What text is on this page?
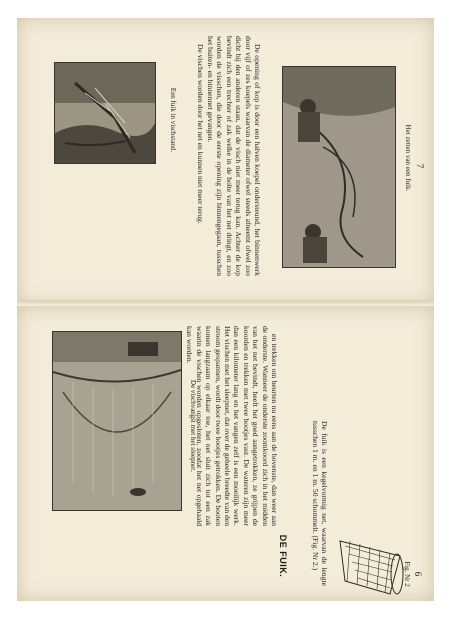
Een fuik in vischstand.	De opening of kop is door een halven koepel ondersteund, het binnenwerk door vijf of zes koepels waarvan de diameter ofwel steeds afneemt ofwel zoo dicht bij den anderen staan, dat de visch niet meer terug kan. Achter de kop bevindt zich een trechter of zak welke in de holte van het net dringt, en zoo worden de visschen, die door de eerste opening zijn binnengegaan, tusschen het buiten- en binnennet gevangen.

De vischen worden door het net en kunnen niet meer terug.	Het zetten van een fuik. 7
De vischvangst met het sleepnet.	en trekken om beurten nu eens aan de bovenste, dan weer aan de onderste. Wanneer de onderste zoomkoord zich in het midden van het net bevindt, heeft het goed aangetrokken, ze grijpen de koorden en trekken met twee bootjes vast. De wateren zijn meer dan een kilometer lang en het vangen zelf is een moeilijk werk. Het vischen met het sleepnet, dat over de geheele breedte van den stroom gespannen, wordt door twee bootjes getrokken. De booten komen langzaam op elkaar toe, het net sluit zich tot een zak waarin de vischen worden opgesloten, zoodat het net opgehaald kan worden.

DE FUIK.	De fuik is een kegelvormig net, waarvan de lengte tusschen 1 m. en 1 m. 50 schommelt. (Fig. Nr 2.)

Fig. Nr 2 6
